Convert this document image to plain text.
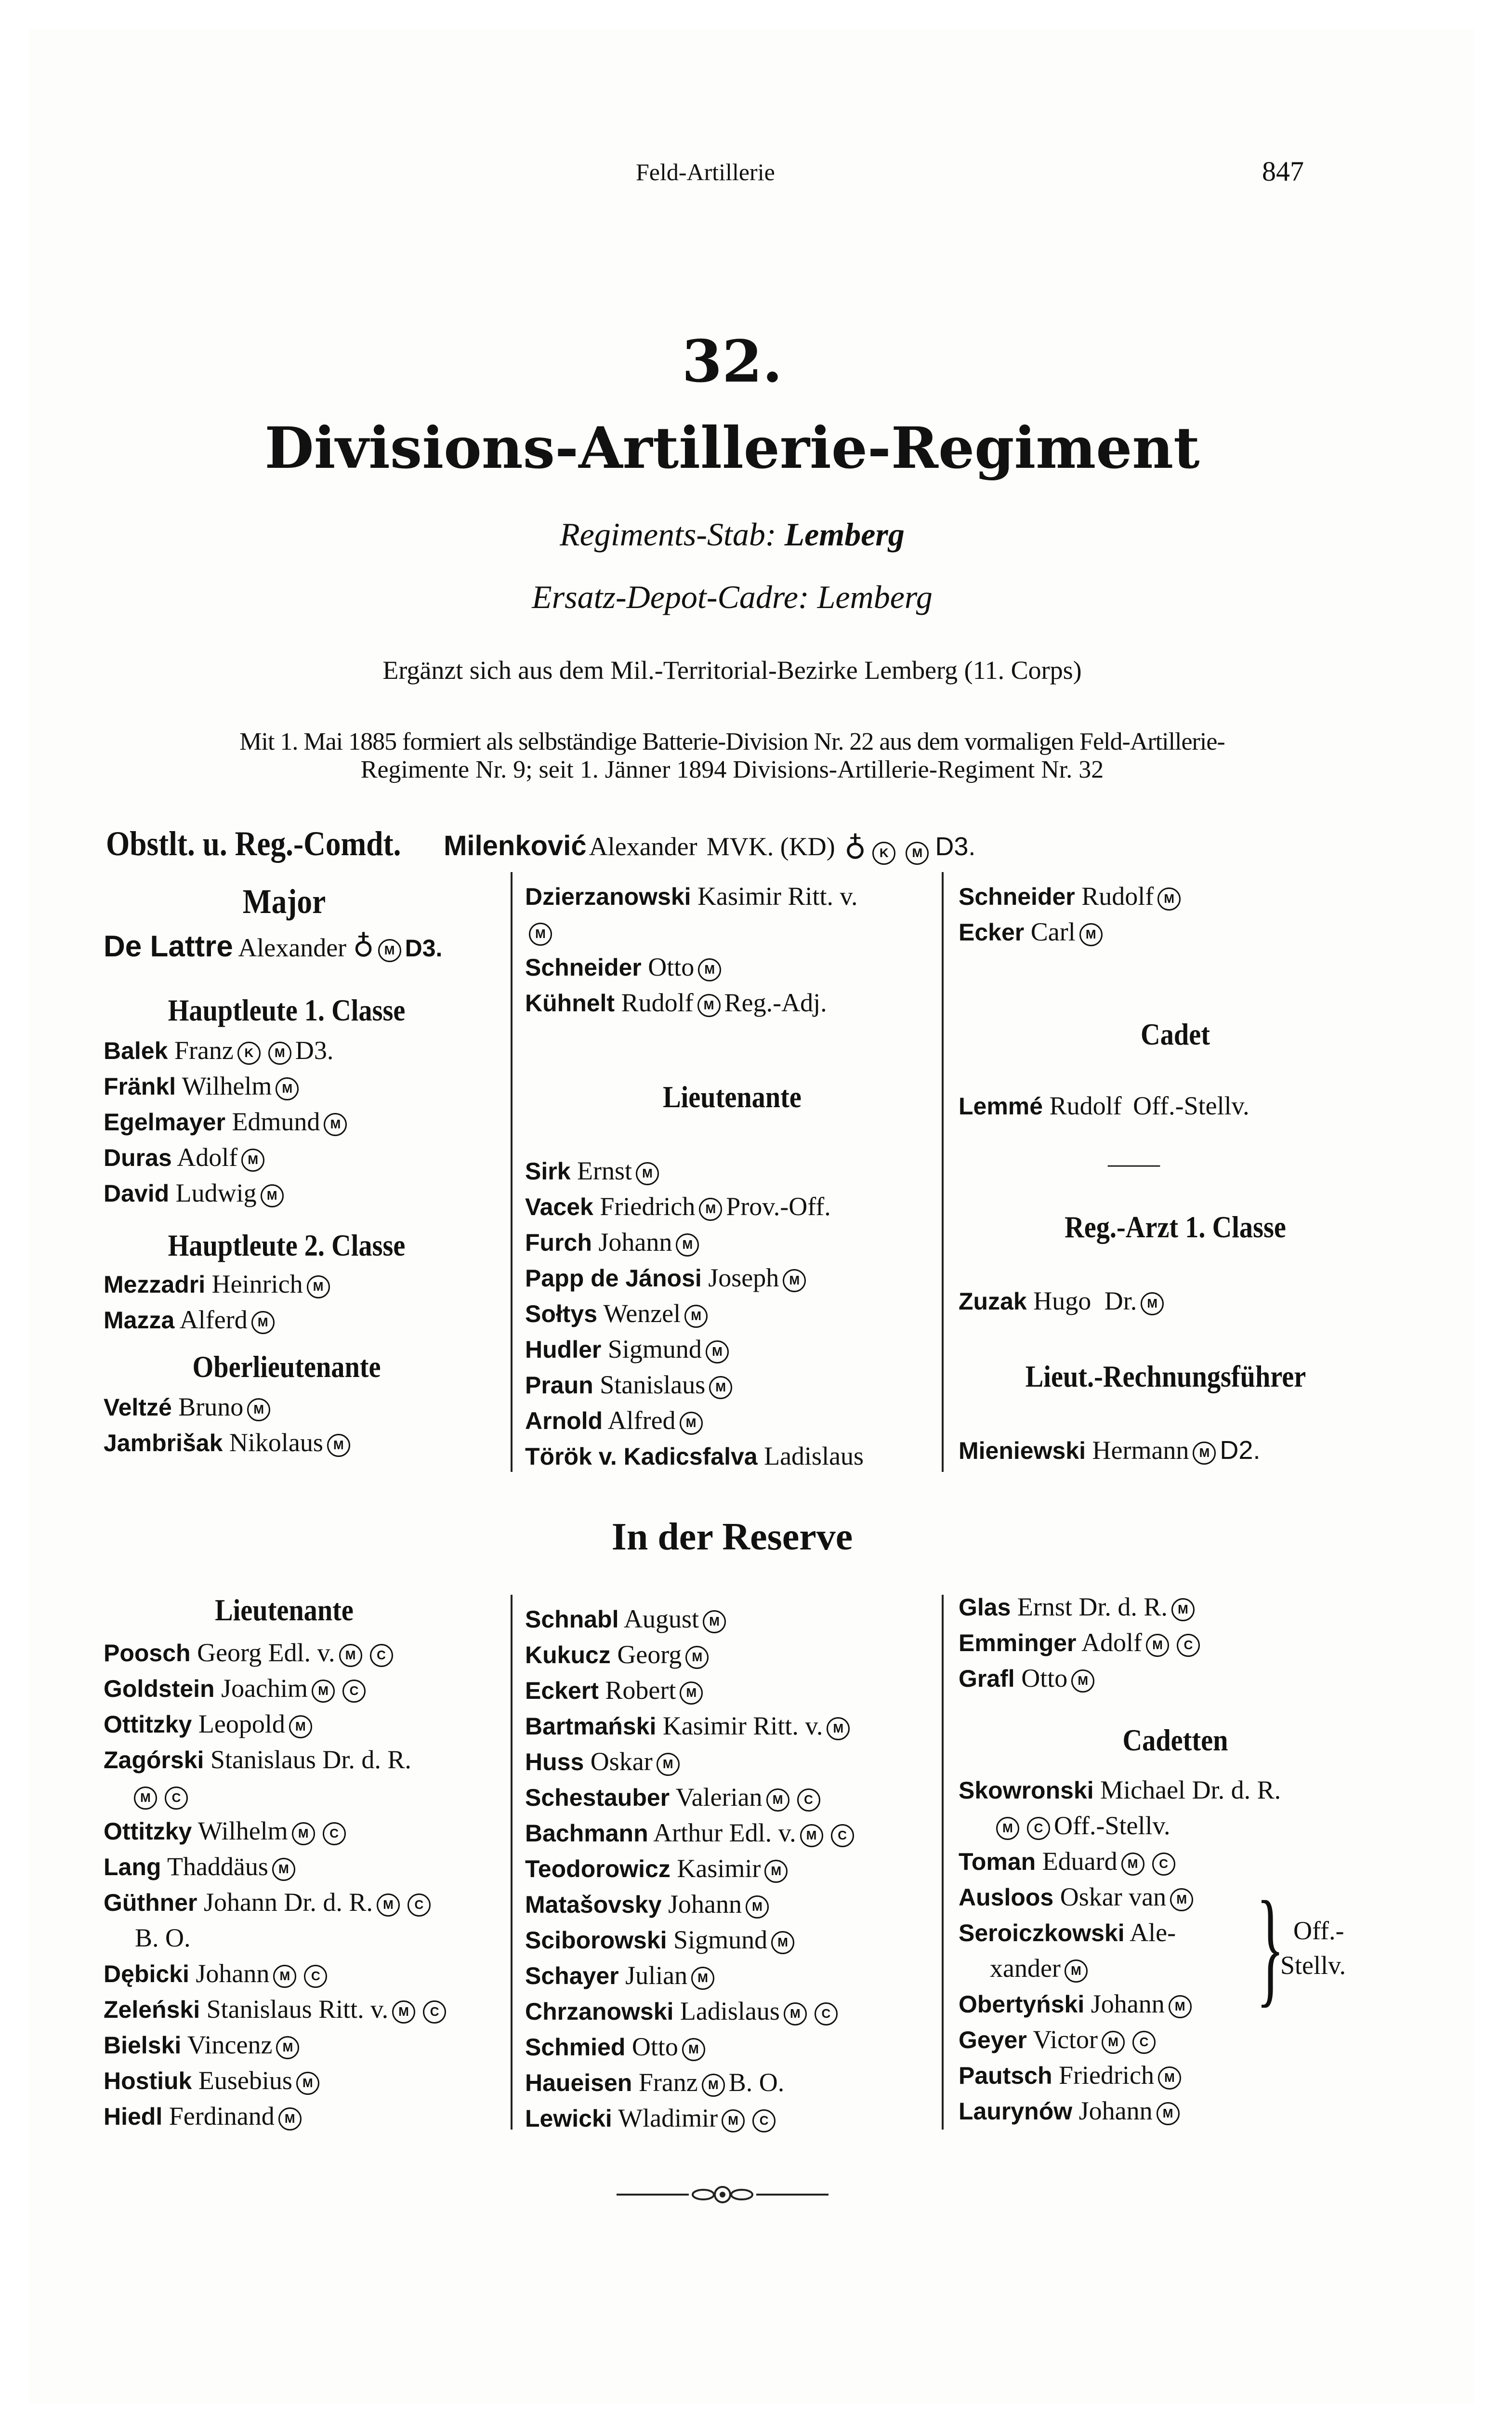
Feld-Artillerie	847
32.
Divisions-Artillerie-Regiment
Regiments-Stab: Lemberg
Ersatz-Depot-Cadre: Lemberg
Ergänzt sich aus dem Mil.-Territorial-Bezirke Lemberg (11. Corps)
Mit 1. Mai 1885 formiert als selbständige Batterie-Division Nr. 22 aus dem vormaligen Feld-Artillerie-
Regimente Nr. 9; seit 1. Jänner 1894 Divisions-Artillerie-Regiment Nr. 32
Obstlt. u. Reg.-Comdt. Milenković Alexander MVK. (KD) ♁ K M D3.
Major
De Lattre Alexander ♁ M D3.
Hauptleute 1. Classe
Balek Franz K M D3.
Fränkl Wilhelm M
Egelmayer Edmund M
Duras Adolf M
David Ludwig M
Hauptleute 2. Classe
Mezzadri Heinrich M
Mazza Alferd M
Oberlieutenante
Veltzé Bruno M
Jambrišak Nikolaus M
Dzierzanowski Kasimir Ritt. v.
M
Schneider Otto M
Kühnelt Rudolf M Reg.-Adj.
Lieutenante
Sirk Ernst M
Vacek Friedrich M Prov.-Off.
Furch Johann M
Papp de Jánosi Joseph M
Sołtys Wenzel M
Hudler Sigmund M
Praun Stanislaus M
Arnold Alfred M
Török v. Kadicsfalva Ladislaus
Schneider Rudolf M
Ecker Carl M
Cadet
Lemmé Rudolf Off.-Stellv.
——
Reg.-Arzt 1. Classe
Zuzak Hugo Dr. M
Lieut.-Rechnungsführer
Mieniewski Hermann M D2.
In der Reserve
Lieutenante
Poosch Georg Edl. v. M C
Goldstein Joachim M C
Ottitzky Leopold M
Zagórski Stanislaus Dr. d. R.
Ottitzky Wilhelm M C
Lang Thaddäus M
Güthner Johann Dr. d. R. M C
B. O.
Dębicki Johann M C
Zeleński Stanislaus Ritt. v. M C
Bielski Vincenz M
Hostiuk Eusebius M
Hiedl Ferdinand M
M C
Schnabl August M
Kukucz Georg M
Eckert Robert M
Bartmański Kasimir Ritt. v. M
Huss Oskar M
Schestauber Valerian M C
Bachmann Arthur Edl. v. M C
Teodorowicz Kasimir M
Matašovsky Johann M
Sciborowski Sigmund M
Schayer Julian M
Chrzanowski Ladislaus M C
Schmied Otto M
Haueisen Franz M B. O.
Lewicki Wladimir M C
Glas Ernst Dr. d. R. M
Emminger Adolf M C
Grafl Otto M
Cadetten
Skowronski Michael Dr. d. R.
M C Off.-Stellv.
Toman Eduard M C
Ausloos Oskar van M
Seroiczkowski Ale-
xander M
Obertyński Johann M } Off.-
Stellv.
Geyer Victor M C
Pautsch Friedrich M
Laurynów Johann M
